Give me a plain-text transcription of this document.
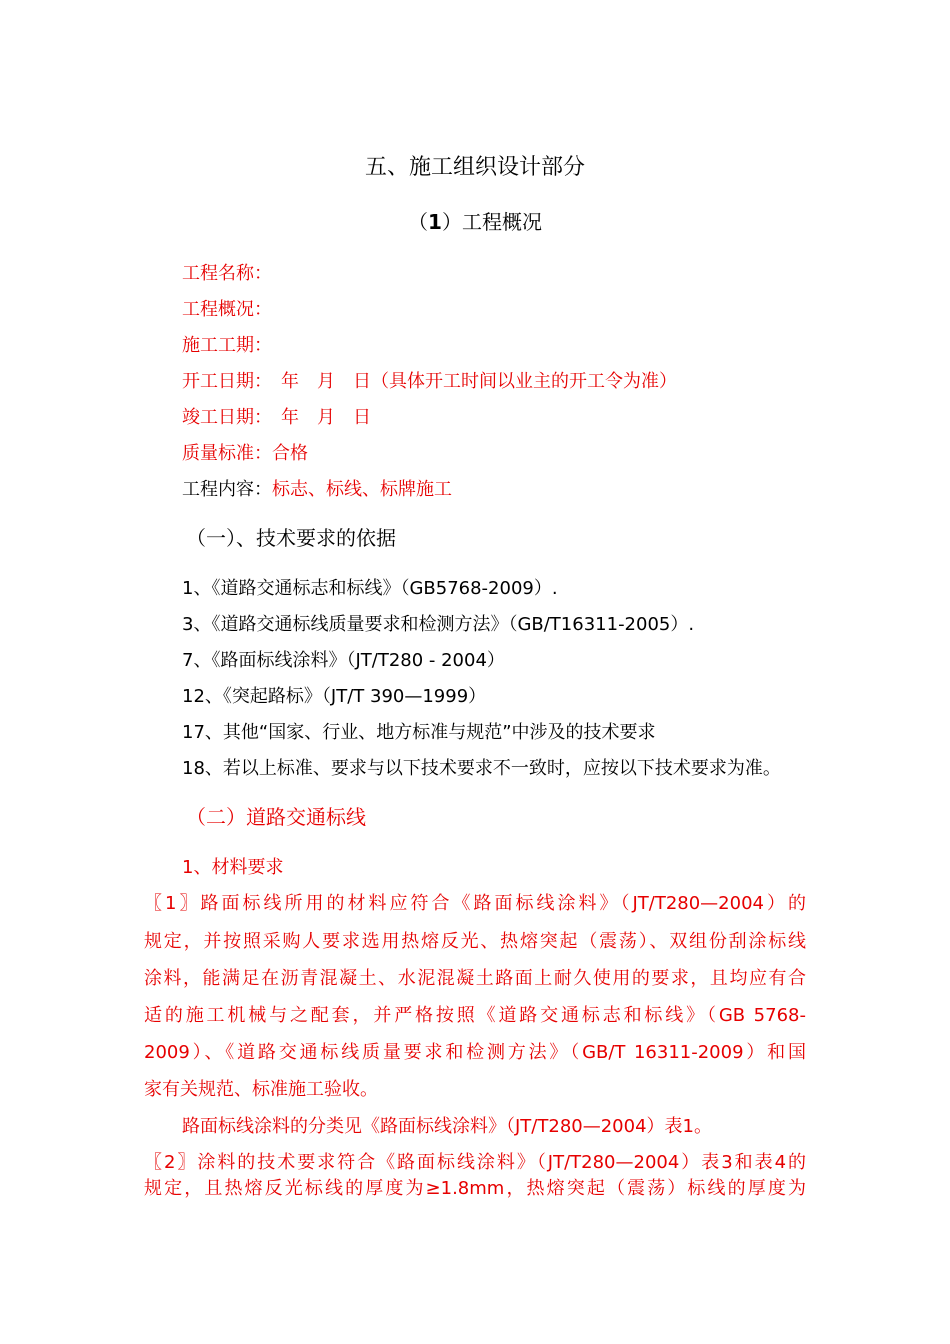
五、施工组织设计部分
（1）工程概况
工程名称：
工程概况：
施工工期：
开工日期：　年　月　日（具体开工时间以业主的开工令为准）
竣工日期：　年　月　日
质量标准：合格
工程内容：标志、标线、标牌施工
（一）、技术要求的依据
1、《道路交通标志和标线》（GB5768-2009）.
3、《道路交通标线质量要求和检测方法》（GB/T16311-2005）.
7、《路面标线涂料》（JT/T280 - 2004）
12、《突起路标》（JT/T 390—1999）
17、其他“国家、行业、地方标准与规范”中涉及的技术要求
18、若以上标准、要求与以下技术要求不一致时，应按以下技术要求为准。
（二）道路交通标线
1、材料要求
〖1〗路面标线所用的材料应符合《路面标线涂料》（JT/T280—2004）的
规定，并按照采购人要求选用热熔反光、热熔突起（震荡）、双组份刮涂标线
涂料，能满足在沥青混凝土、水泥混凝土路面上耐久使用的要求，且均应有合
适的施工机械与之配套，并严格按照《道路交通标志和标线》（GB 5768-
2009）、《道路交通标线质量要求和检测方法》（GB/T 16311-2009）和国
家有关规范、标准施工验收。
路面标线涂料的分类见《路面标线涂料》（JT/T280—2004）表1。
〖2〗涂料的技术要求符合《路面标线涂料》（JT/T280—2004）表3和表4的
规定，且热熔反光标线的厚度为≥1.8mm，热熔突起（震荡）标线的厚度为
